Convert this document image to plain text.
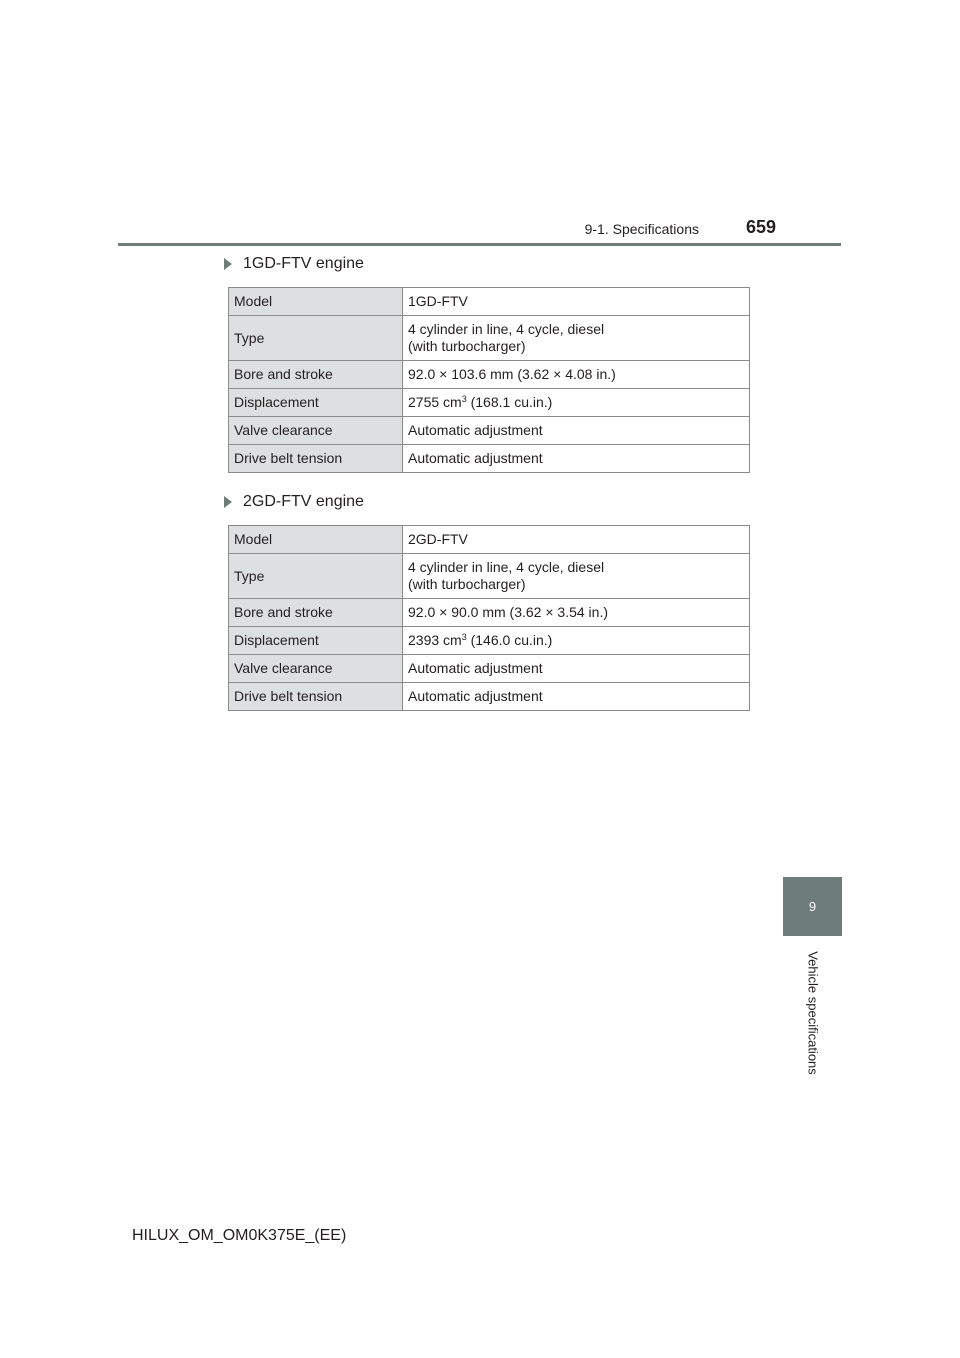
9-1. Specifications	659
1GD-FTV engine
Model	1GD-FTV
Type	4 cylinder in line, 4 cycle, diesel
(with turbocharger)
Bore and stroke	92.0 × 103.6 mm (3.62 × 4.08 in.)
Displacement	2755 $cm^3$ (168.1 cu.in.)
Valve clearance	Automatic adjustment
Drive belt tension	Automatic adjustment
2GD-FTV engine
Model	2GD-FTV
Type	4 cylinder in line, 4 cycle, diesel
(with turbocharger)
Bore and stroke	92.0 × 90.0 mm (3.62 × 3.54 in.)
Displacement	2393 $cm^3$ (146.0 cu.in.)
Valve clearance	Automatic adjustment
Drive belt tension	Automatic adjustment
9
Vehicle specifications
HILUX_OM_OM0K375E_(EE)
